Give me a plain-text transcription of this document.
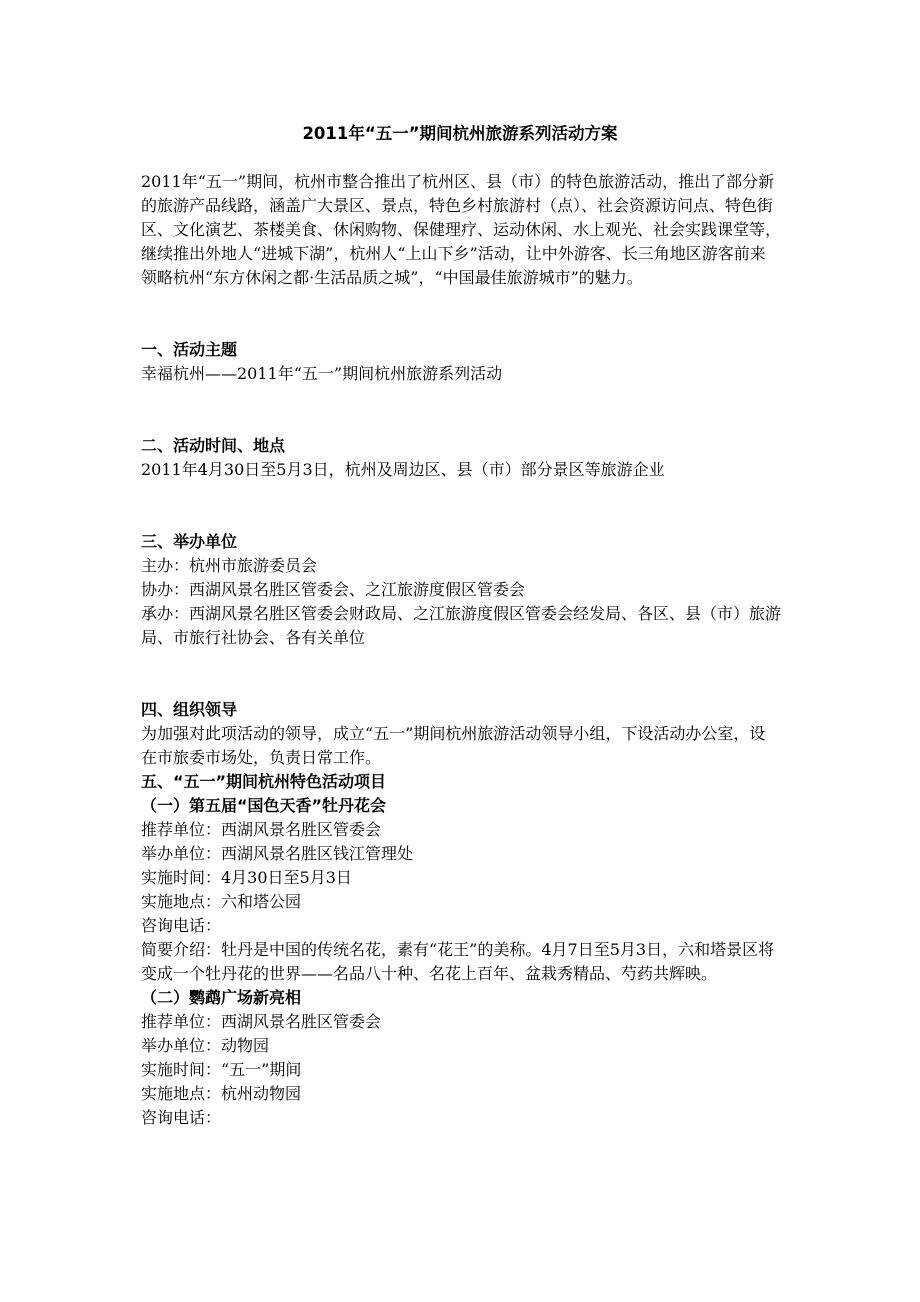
2011年“五一”期间杭州旅游系列活动方案

2011年“五一”期间，杭州市整合推出了杭州区、县（市）的特色旅游活动，推出了部分新的旅游产品线路，涵盖广大景区、景点，特色乡村旅游村（点）、社会资源访问点、特色街区、文化演艺、茶楼美食、休闲购物、保健理疗、运动休闲、水上观光、社会实践课堂等，继续推出外地人“进城下湖”，杭州人“上山下乡”活动，让中外游客、长三角地区游客前来领略杭州“东方休闲之都·生活品质之城”，“中国最佳旅游城市”的魅力。

一、活动主题

幸福杭州——2011年“五一”期间杭州旅游系列活动

二、活动时间、地点

2011年4月30日至5月3日，杭州及周边区、县（市）部分景区等旅游企业

三、举办单位

主办：杭州市旅游委员会

协办：西湖风景名胜区管委会、之江旅游度假区管委会

承办：西湖风景名胜区管委会财政局、之江旅游度假区管委会经发局、各区、县（市）旅游局、市旅行社协会、各有关单位

四、组织领导

为加强对此项活动的领导，成立“五一”期间杭州旅游活动领导小组，下设活动办公室，设在市旅委市场处，负责日常工作。

五、“五一”期间杭州特色活动项目

（一）第五届“国色天香”牡丹花会

推荐单位：西湖风景名胜区管委会

举办单位：西湖风景名胜区钱江管理处

实施时间：4月30日至5月3日

实施地点：六和塔公园

咨询电话：

简要介绍：牡丹是中国的传统名花，素有“花王”的美称。4月7日至5月3日，六和塔景区将变成一个牡丹花的世界——名品八十种、名花上百年、盆栽秀精品、芍药共辉映。

（二）鹦鹉广场新亮相

推荐单位：西湖风景名胜区管委会

举办单位：动物园

实施时间：“五一”期间

实施地点：杭州动物园

咨询电话：
